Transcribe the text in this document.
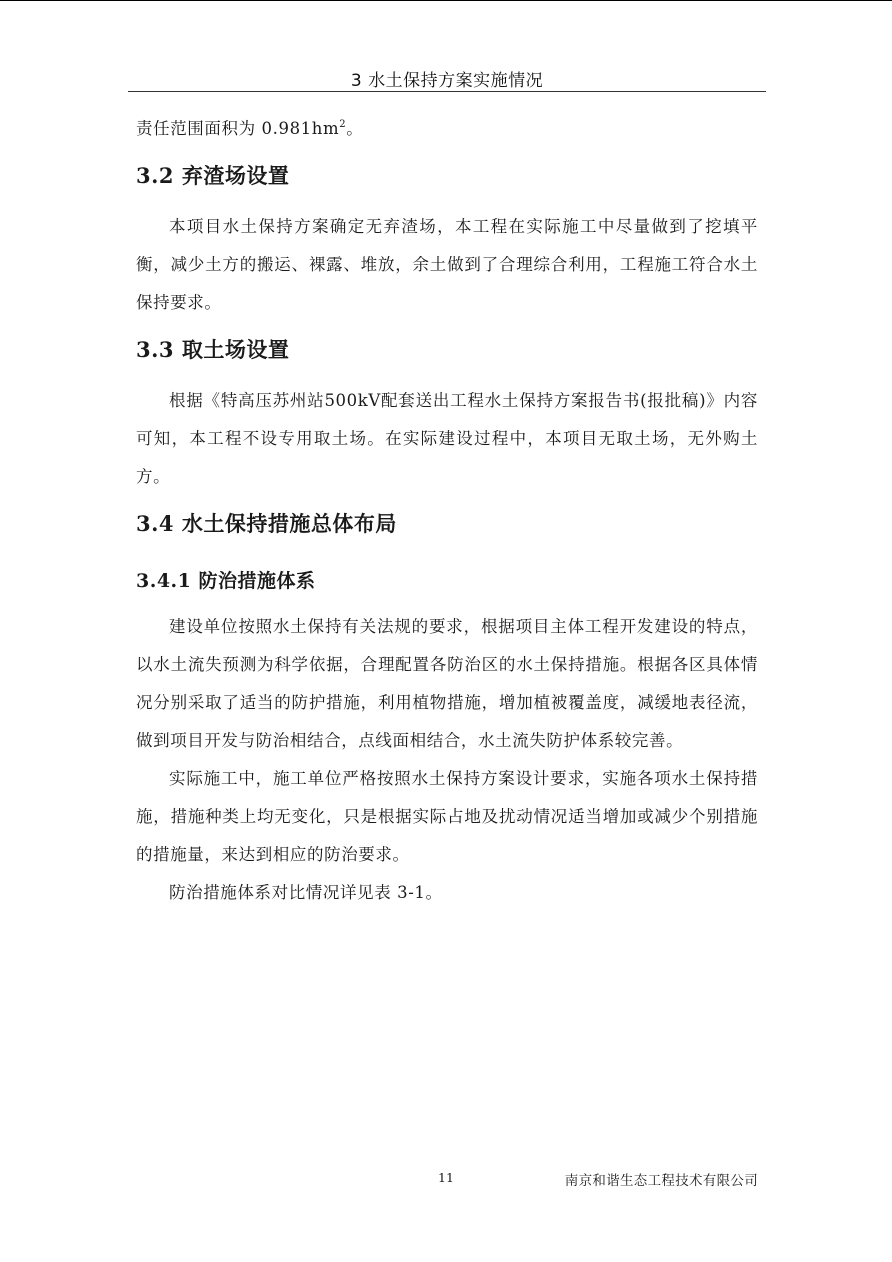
3 水土保持方案实施情况

责任范围面积为 $0.981hm^2$。

3.2 弃渣场设置

本项目水土保持方案确定无弃渣场，本工程在实际施工中尽量做到了挖填平衡，减少土方的搬运、裸露、堆放，余土做到了合理综合利用，工程施工符合水土保持要求。

3.3 取土场设置

根据《特高压苏州站500kV配套送出工程水土保持方案报告书(报批稿)》内容可知，本工程不设专用取土场。在实际建设过程中，本项目无取土场，无外购土方。

3.4 水土保持措施总体布局
3.4.1 防治措施体系

建设单位按照水土保持有关法规的要求，根据项目主体工程开发建设的特点，以水土流失预测为科学依据，合理配置各防治区的水土保持措施。根据各区具体情况分别采取了适当的防护措施，利用植物措施，增加植被覆盖度，减缓地表径流，做到项目开发与防治相结合，点线面相结合，水土流失防护体系较完善。

实际施工中，施工单位严格按照水土保持方案设计要求，实施各项水土保持措施，措施种类上均无变化，只是根据实际占地及扰动情况适当增加或减少个别措施的措施量，来达到相应的防治要求。

防治措施体系对比情况详见表 3-1。

11	南京和谐生态工程技术有限公司
